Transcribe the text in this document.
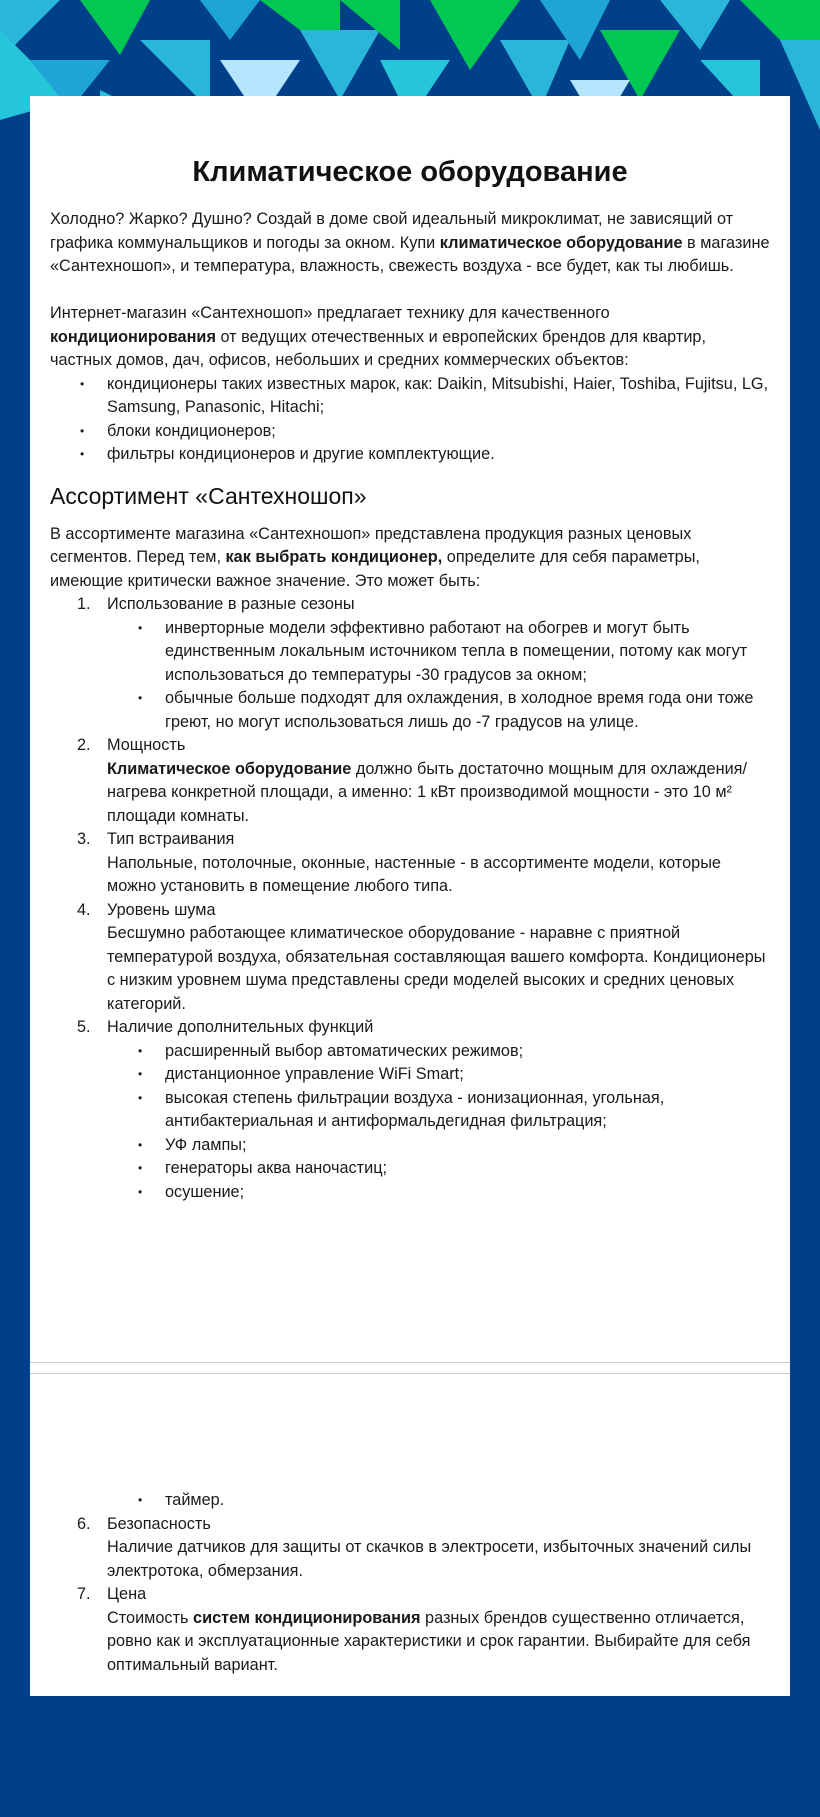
Климатическое оборудование

Холодно? Жарко? Душно? Создай в доме свой идеальный микроклимат, не зависящий от графика коммунальщиков и погоды за окном. Купи климатическое оборудование в магазине «Сантехношоп», и температура, влажность, свежесть воздуха - все будет, как ты любишь.

Интернет-магазин «Сантехношоп» предлагает технику для качественного кондиционирования от ведущих отечественных и европейских брендов для квартир, частных домов, дач, офисов, небольших и средних коммерческих объектов:

• кондиционеры таких известных марок, как: Daikin, Mitsubishi, Haier, Toshiba, Fujitsu, LG, Samsung, Panasonic, Hitachi;
• блоки кондиционеров;
• фильтры кондиционеров и другие комплектующие.
Ассортимент «Сантехношоп»

В ассортименте магазина «Сантехношоп» представлена продукция разных ценовых сегментов. Перед тем, как выбрать кондиционер, определите для себя параметры, имеющие критически важное значение. Это может быть:

1. Использование в разные сезоны
• инверторные модели эффективно работают на обогрев и могут быть единственным локальным источником тепла в помещении, потому как могут использоваться до температуры -30 градусов за окном;
• обычные больше подходят для охлаждения, в холодное время года они тоже греют, но могут использоваться лишь до -7 градусов на улице.
2. Мощность
Климатическое оборудование должно быть достаточно мощным для охлаждения/нагрева конкретной площади, а именно: 1 кВт производимой мощности - это 10 м² площади комнаты.
3. Тип встраивания
Напольные, потолочные, оконные, настенные - в ассортименте модели, которые можно установить в помещение любого типа.
4. Уровень шума
Бесшумно работающее климатическое оборудование - наравне с приятной температурой воздуха, обязательная составляющая вашего комфорта. Кондиционеры с низким уровнем шума представлены среди моделей высоких и средних ценовых категорий.
5. Наличие дополнительных функций
• расширенный выбор автоматических режимов;
• дистанционное управление WiFi Smart;
• высокая степень фильтрации воздуха - ионизационная, угольная, антибактериальная и антиформальдегидная фильтрация;
• УФ лампы;
• генераторы аква наночастиц;
• осушение;
• таймер.
6. Безопасность
Наличие датчиков для защиты от скачков в электросети, избыточных значений силы электротока, обмерзания.
7. Цена
Стоимость систем кондиционирования разных брендов существенно отличается, ровно как и эксплуатационные характеристики и срок гарантии. Выбирайте для себя оптимальный вариант.
